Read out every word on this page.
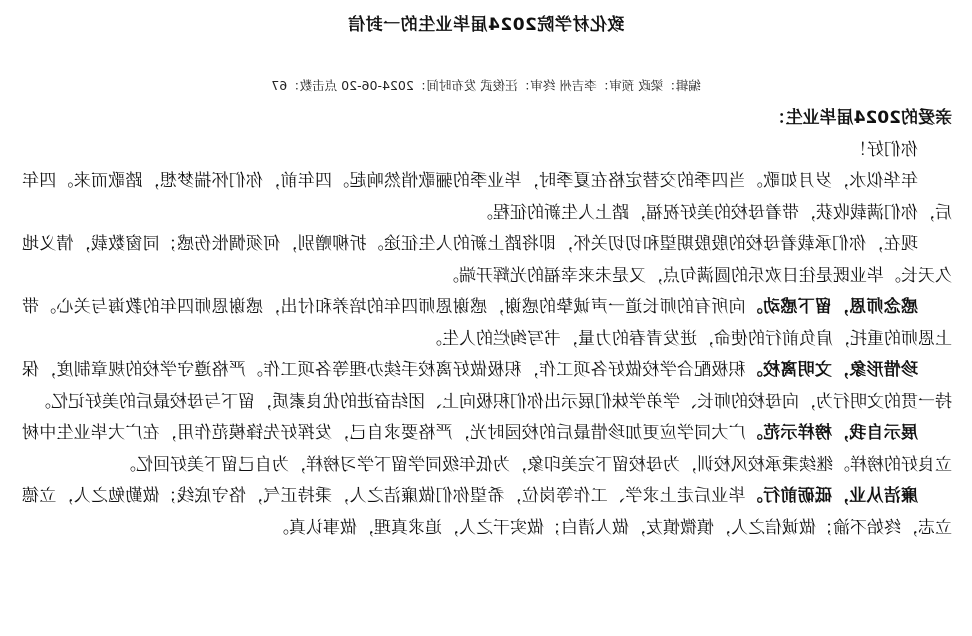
致化材学院2024届毕业生的一封信
编辑：梁政 预审：李吉州 终审：汪俊武 发布时间：2024-06-20 点击数：67

亲爱的2024届毕业生：

你们好！

年华似水，岁月如歌。当四季的交替定格在夏季时，毕业季的骊歌悄然响起。四年前，你们怀揣梦想，踏歌而来。四年后，你们满载收获，带着母校的美好祝福，踏上人生新的征程。

现在，你们承载着母校的殷殷期望和切切关怀，即将踏上新的人生征途。折柳赠别，何须惆怅伤感；同窗数载，情义地久天长。毕业既是往日欢乐的圆满句点，又是未来幸福的光辉开端。

感念师恩，留下感动。向所有的师长道一声诚挚的感谢，感谢恩师四年的培养和付出，感谢恩师四年的教诲与关心。带上恩师的重托，肩负前行的使命，迸发青春的力量，书写绚烂的人生。

珍惜形象，文明离校。积极配合学校做好各项工作，积极做好离校手续办理等各项工作。严格遵守学校的规章制度，保持一贯的文明行为，向母校的师长、学弟学妹们展示出你们积极向上、团结奋进的优良素质，留下与母校最后的美好记忆。

展示自我，榜样示范。广大同学应更加珍惜最后的校园时光，严格要求自己，发挥好先锋模范作用，在广大毕业生中树立良好的榜样。继续秉承校风校训，为母校留下完美印象，为低年级同学留下学习榜样，为自己留下美好回忆。

廉洁从业，砥砺前行。毕业后走上求学、工作等岗位，希望你们做廉洁之人，秉持正气，恪守底线；做勤勉之人，立德立志，终始不渝；做诚信之人，慎微慎友，做人清白；做实干之人，追求真理，做事认真。
